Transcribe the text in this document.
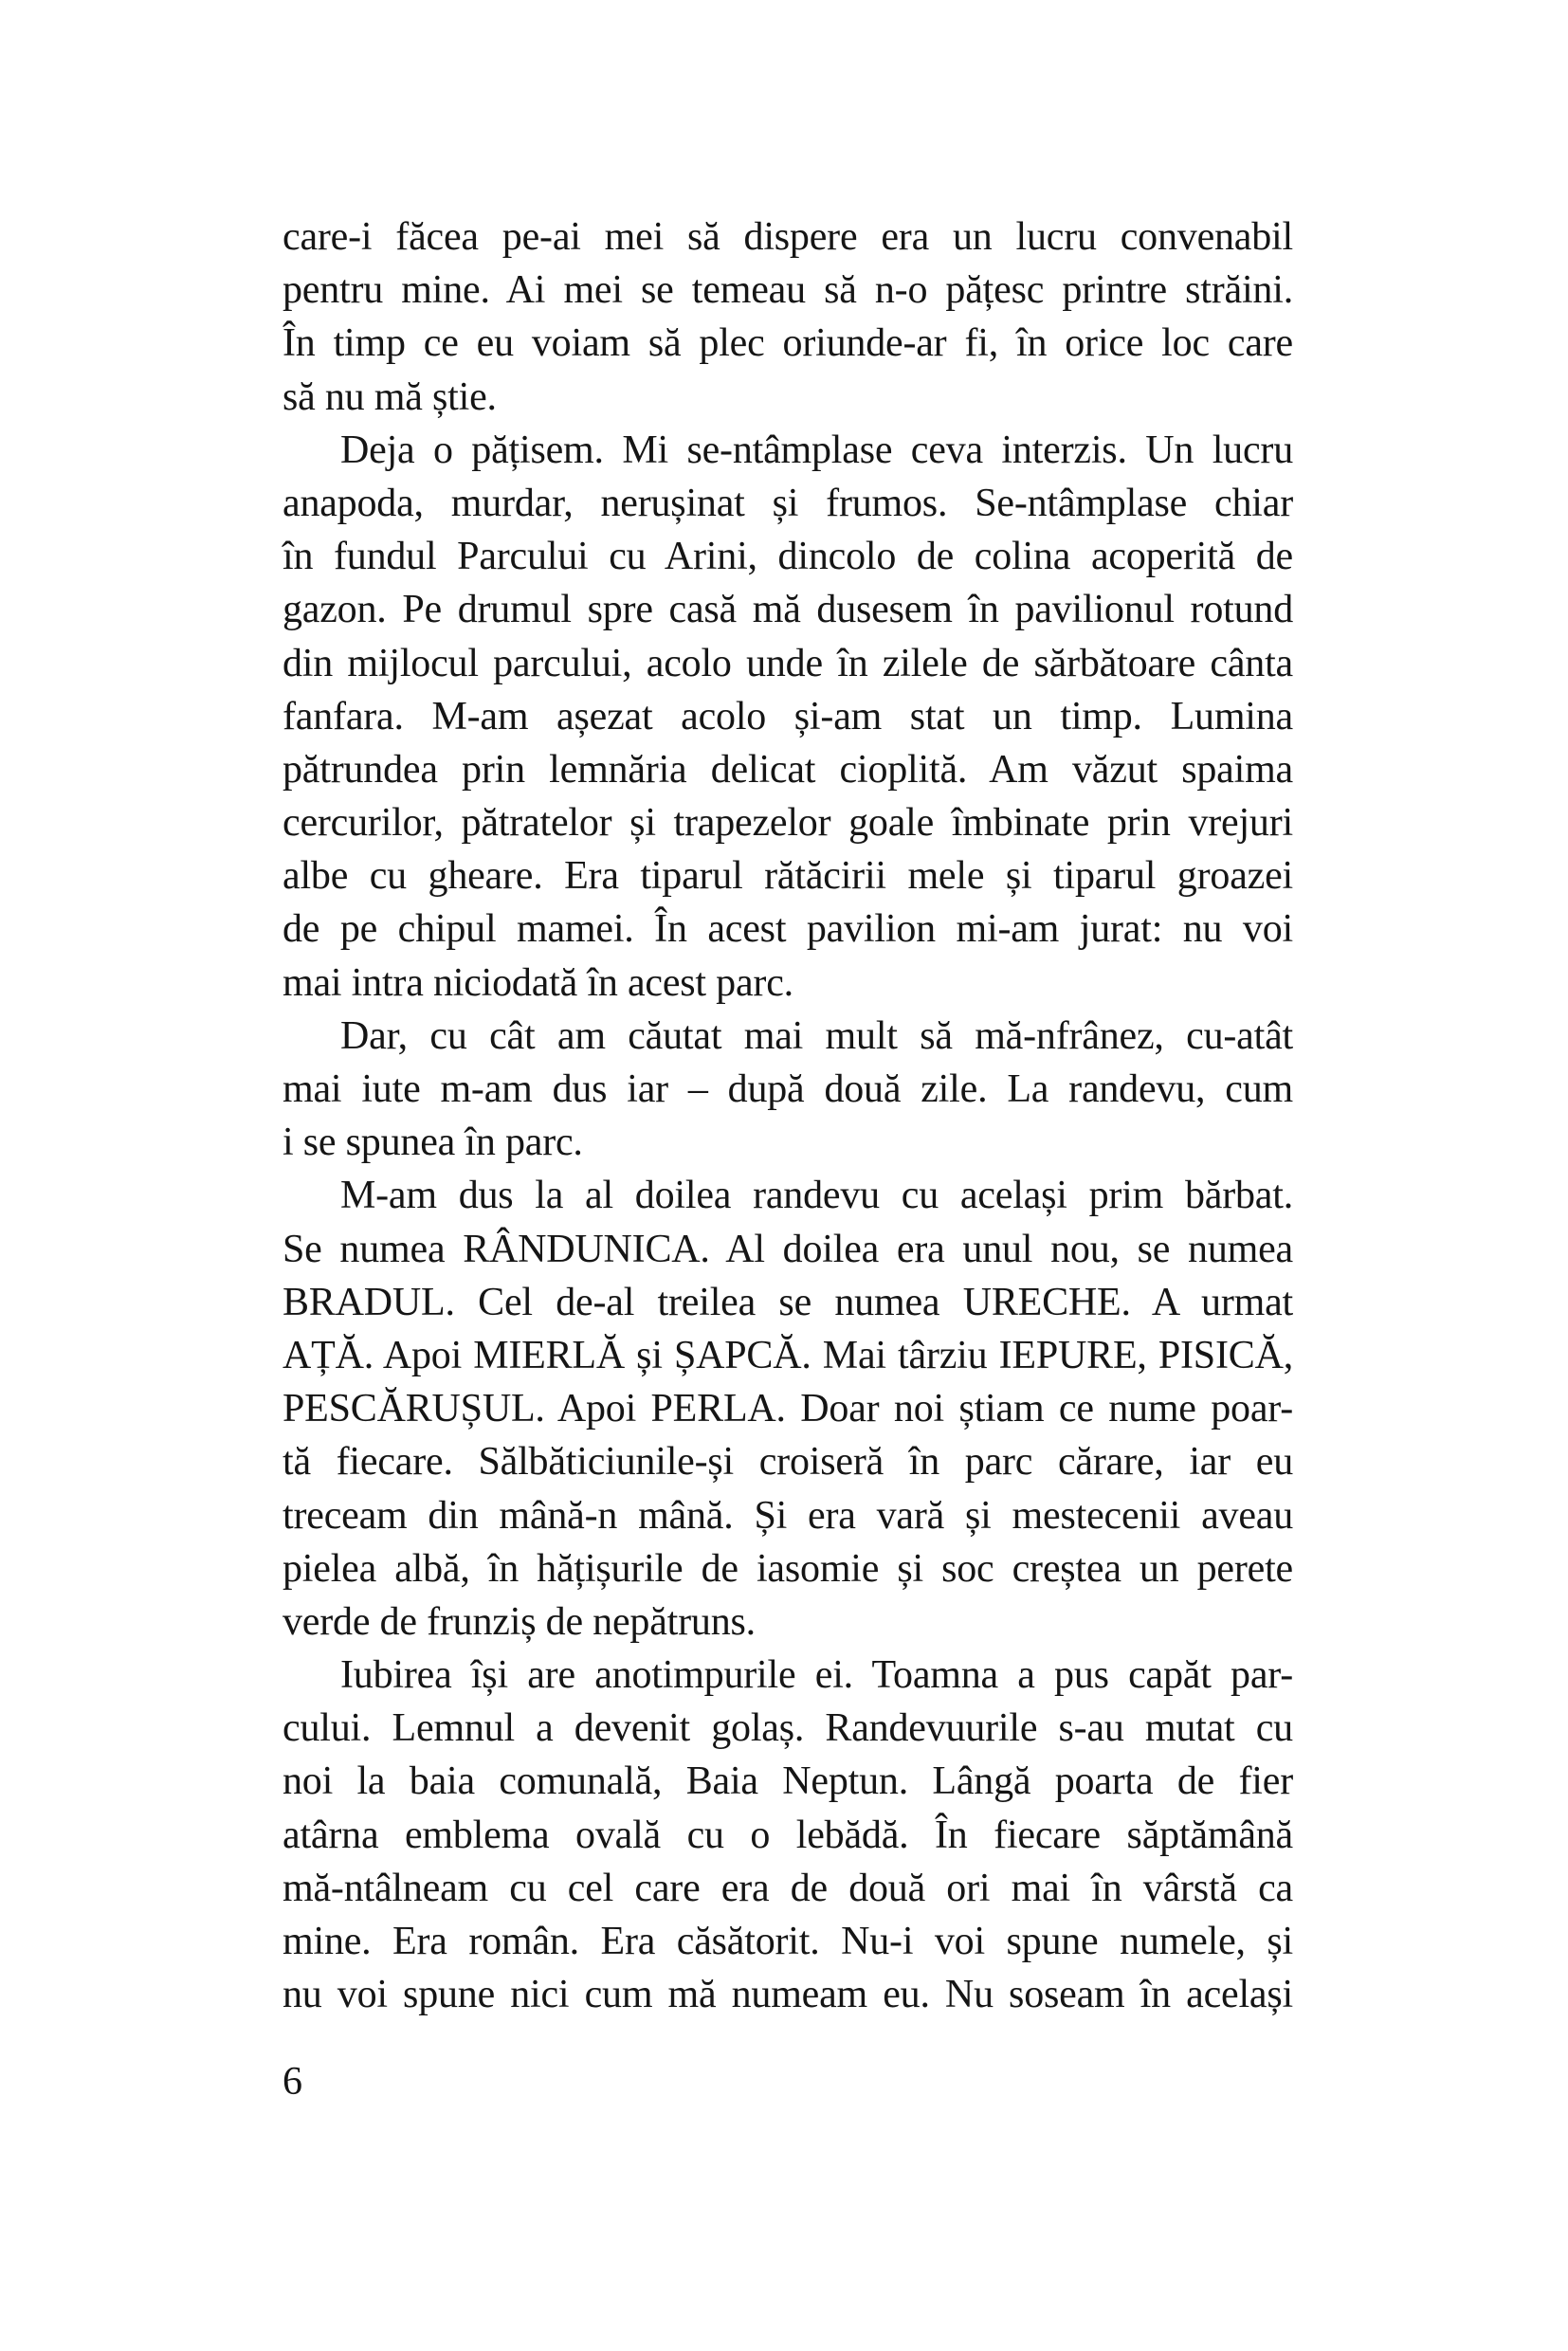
care-i făcea pe-ai mei să dispere era un lucru convenabil
pentru mine. Ai mei se temeau să n-o pățesc printre străini.
În timp ce eu voiam să plec oriunde-ar fi, în orice loc care
să nu mă știe.
Deja o pățisem. Mi se-ntâmplase ceva interzis. Un lucru
anapoda, murdar, nerușinat și frumos. Se-ntâmplase chiar
în fundul Parcului cu Arini, dincolo de colina acoperită de
gazon. Pe drumul spre casă mă dusesem în pavilionul rotund
din mijlocul parcului, acolo unde în zilele de sărbătoare cânta
fanfara. M-am așezat acolo și-am stat un timp. Lumina
pătrundea prin lemnăria delicat cioplită. Am văzut spaima
cercurilor, pătratelor și trapezelor goale îmbinate prin vrejuri
albe cu gheare. Era tiparul rătăcirii mele și tiparul groazei
de pe chipul mamei. În acest pavilion mi-am jurat: nu voi
mai intra niciodată în acest parc.
Dar, cu cât am căutat mai mult să mă-nfrânez, cu-atât
mai iute m-am dus iar – după două zile. La randevu, cum
i se spunea în parc.
M-am dus la al doilea randevu cu același prim bărbat.
Se numea RÂNDUNICA. Al doilea era unul nou, se numea
BRADUL. Cel de-al treilea se numea URECHE. A urmat
AȚĂ. Apoi MIERLĂ și ȘAPCĂ. Mai târziu IEPURE, PISICĂ,
PESCĂRUȘUL. Apoi PERLA. Doar noi știam ce nume poar-
tă fiecare. Sălbăticiunile-și croiseră în parc cărare, iar eu
treceam din mână-n mână. Și era vară și mestecenii aveau
pielea albă, în hățișurile de iasomie și soc creștea un perete
verde de frunziș de nepătruns.
Iubirea își are anotimpurile ei. Toamna a pus capăt par-
cului. Lemnul a devenit golaș. Randevuurile s-au mutat cu
noi la baia comunală, Baia Neptun. Lângă poarta de fier
atârna emblema ovală cu o lebădă. În fiecare săptămână
mă-ntâlneam cu cel care era de două ori mai în vârstă ca
mine. Era român. Era căsătorit. Nu-i voi spune numele, și
nu voi spune nici cum mă numeam eu. Nu soseam în același
6
